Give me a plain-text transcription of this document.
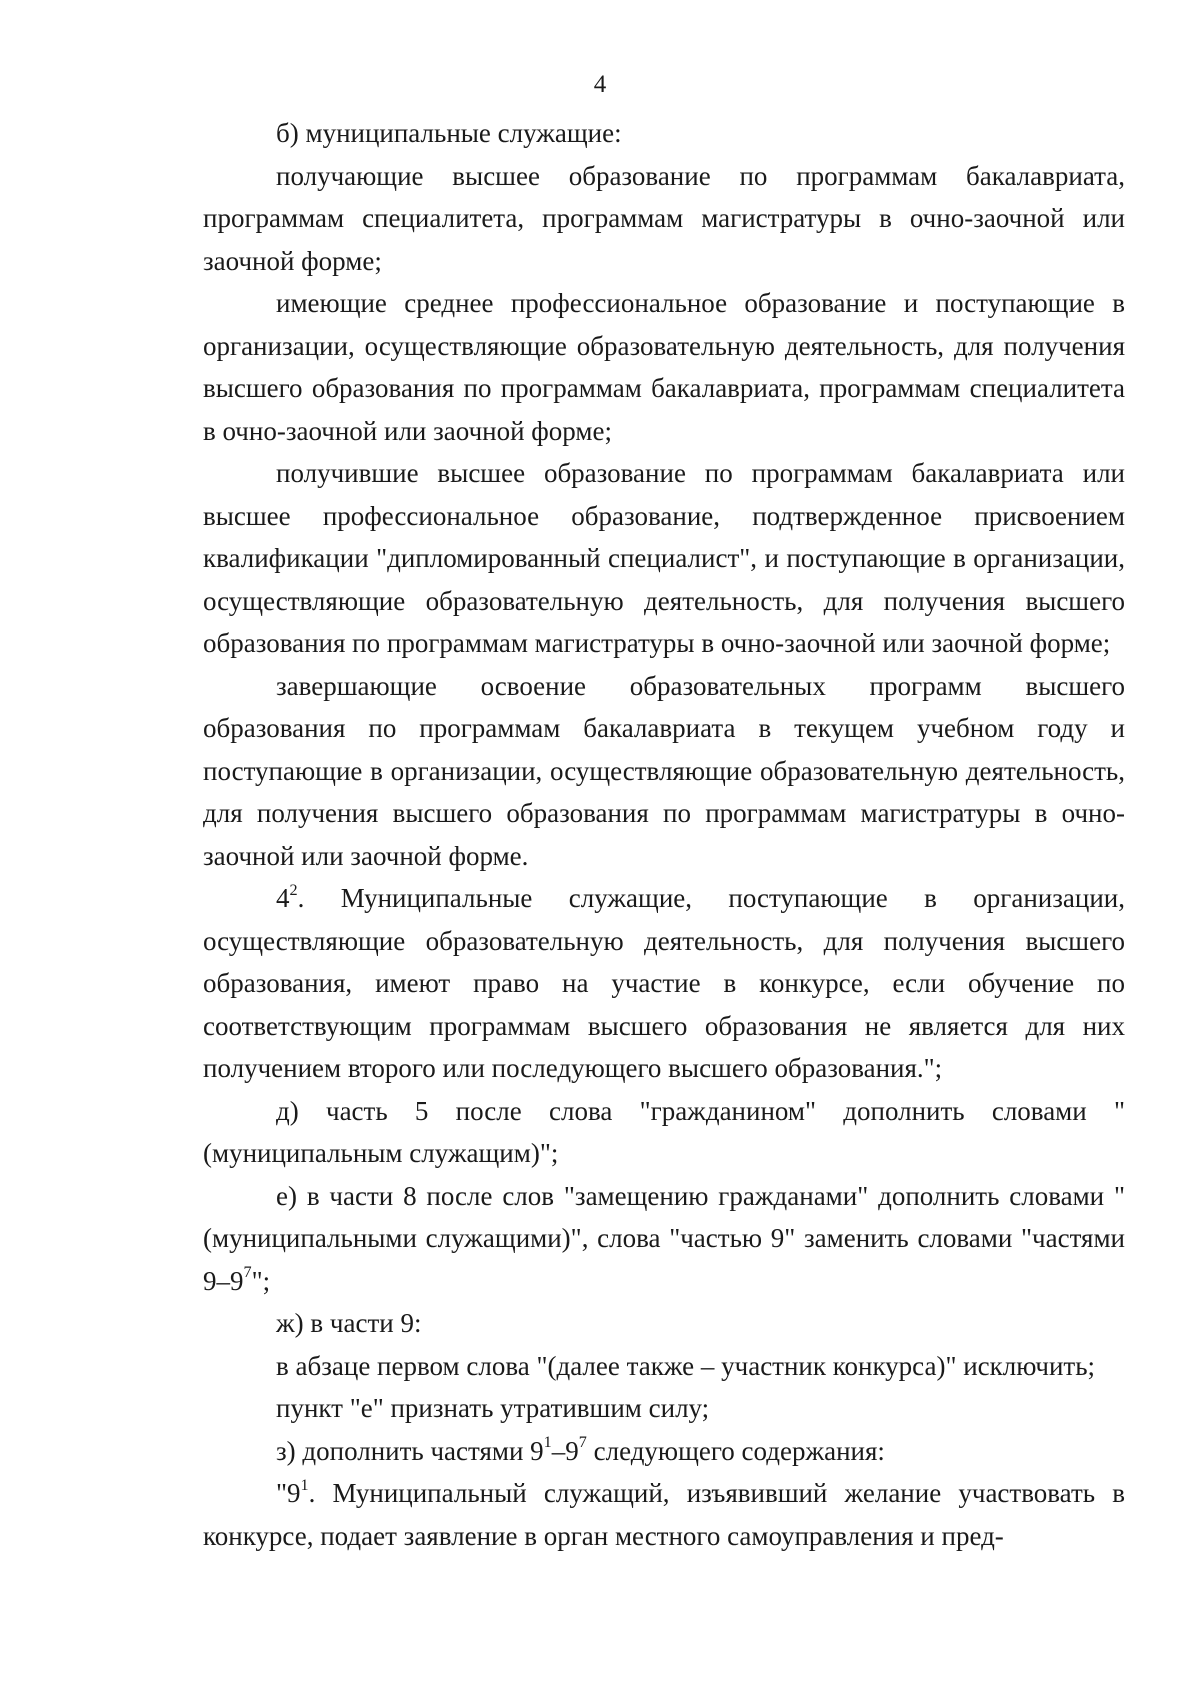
4

б) муниципальные служащие:

получающие высшее образование по программам бакалавриата, программам специалитета, программам магистратуры в очно-заочной или заочной форме;

имеющие среднее профессиональное образование и поступающие в организации, осуществляющие образовательную деятельность, для получения высшего образования по программам бакалавриата, программам специалитета в очно-заочной или заочной форме;

получившие высшее образование по программам бакалавриата или высшее профессиональное образование, подтвержденное присвоением квалификации "дипломированный специалист", и поступающие в организации, осуществляющие образовательную деятельность, для получения высшего образования по программам магистратуры в очно-заочной или заочной форме;

завершающие освоение образовательных программ высшего образования по программам бакалавриата в текущем учебном году и поступающие в организации, осуществляющие образовательную деятельность, для получения высшего образования по программам магистратуры в очно-заочной или заочной форме.

$4^2$. Муниципальные служащие, поступающие в организации, осуществляющие образовательную деятельность, для получения высшего образования, имеют право на участие в конкурсе, если обучение по соответствующим программам высшего образования не является для них получением второго или последующего высшего образования.";

д) часть 5 после слова "гражданином" дополнить словами "(муниципальным служащим)";

е) в части 8 после слов "замещению гражданами" дополнить словами "(муниципальными служащими)", слова "частью 9" заменить словами "частями $9-9^7$";

ж) в части 9:

в абзаце первом слова "(далее также – участник конкурса)" исключить;

пункт "е" признать утратившим силу;

з) дополнить частями $9^1-9^7$ следующего содержания:

"$9^1$. Муниципальный служащий, изъявивший желание участвовать в конкурсе, подает заявление в орган местного самоуправления и пред-
